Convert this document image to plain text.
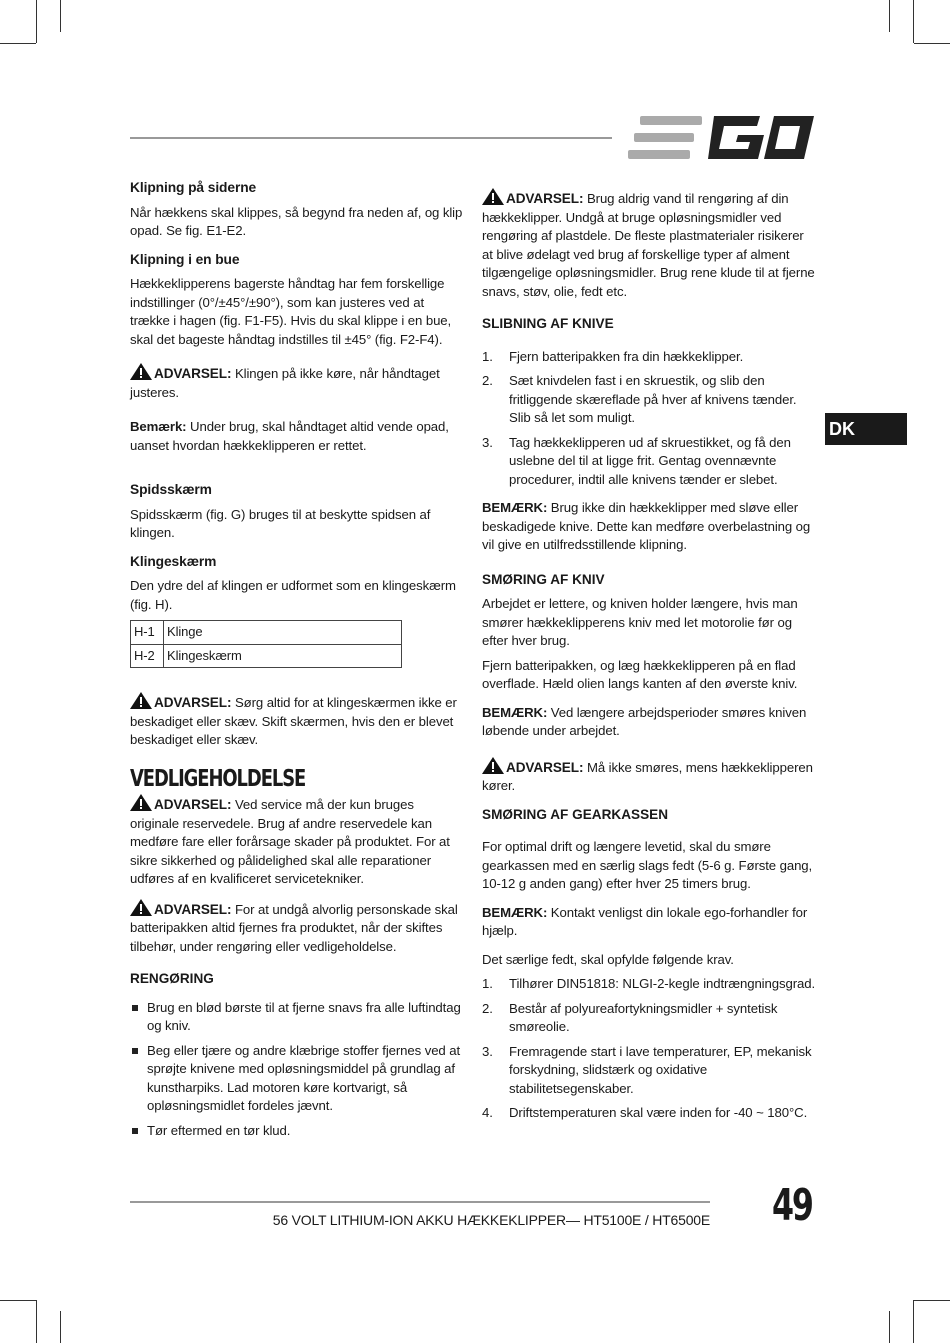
DK
Klipning på siderne

Når hækkens skal klippes, så begynd fra neden af, og klip opad. Se fig. E1-E2.

Klipning i en bue

Hækkeklipperens bagerste håndtag har fem forskellige indstillinger (0°/±45°/±90°), som kan justeres ved at trække i hagen (fig. F1-F5). Hvis du skal klippe i en bue, skal det bageste håndtag indstilles til ±45° (fig. F2-F4).

ADVARSEL: Klingen på ikke køre, når håndtaget justeres.

Bemærk: Under brug, skal håndtaget altid vende opad, uanset hvordan hækkeklipperen er rettet.

Spidsskærm

Spidsskærm (fig. G) bruges til at beskytte spidsen af klingen.

Klingeskærm

Den ydre del af klingen er udformet som en klingeskærm (fig. H).

H-1	Klinge
H-2	Klingeskærm

ADVARSEL: Sørg altid for at klingeskærmen ikke er beskadiget eller skæv. Skift skærmen, hvis den er blevet beskadiget eller skæv.

VEDLIGEHOLDELSE

ADVARSEL: Ved service må der kun bruges originale reservedele. Brug af andre reservedele kan medføre fare eller forårsage skader på produktet. For at sikre sikkerhed og pålidelighed skal alle reparationer udføres af en kvalificeret servicetekniker.

ADVARSEL: For at undgå alvorlig personskade skal batteripakken altid fjernes fra produktet, når der skiftes tilbehør, under rengøring eller vedligeholdelse.

RENGØRING
Brug en blød børste til at fjerne snavs fra alle luftindtag og kniv.
Beg eller tjære og andre klæbrige stoffer fjernes ved at sprøjte knivene med opløsningsmiddel på grundlag af kunstharpiks. Lad motoren køre kortvarigt, så opløsningsmidlet fordeles jævnt.
Tør eftermed en tør klud.

ADVARSEL: Brug aldrig vand til rengøring af din hækkeklipper. Undgå at bruge opløsningsmidler ved rengøring af plastdele. De fleste plastmaterialer risikerer at blive ødelagt ved brug af forskellige typer af alment tilgængelige opløsningsmidler. Brug rene klude til at fjerne snavs, støv, olie, fedt etc.

SLIBNING AF KNIVE
1. Fjern batteripakken fra din hækkeklipper.
2. Sæt knivdelen fast i en skruestik, og slib den fritliggende skæreflade på hver af knivens tænder. Slib så let som muligt.
3. Tag hækkeklipperen ud af skruestikket, og få den uslebne del til at ligge frit. Gentag ovennævnte procedurer, indtil alle knivens tænder er slebet.

BEMÆRK: Brug ikke din hækkeklipper med sløve eller beskadigede knive. Dette kan medføre overbelastning og vil give en utilfredsstillende klipning.

SMØRING AF KNIV

Arbejdet er lettere, og kniven holder længere, hvis man smører hækkeklipperens kniv med let motorolie før og efter hver brug.

Fjern batteripakken, og læg hækkeklipperen på en flad overflade. Hæld olien langs kanten af den øverste kniv.

BEMÆRK: Ved længere arbejdsperioder smøres kniven løbende under arbejdet.

ADVARSEL: Må ikke smøres, mens hækkeklipperen kører.

SMØRING AF GEARKASSEN

For optimal drift og længere levetid, skal du smøre gearkassen med en særlig slags fedt (5-6 g. Første gang, 10-12 g anden gang) efter hver 25 timers brug.

BEMÆRK: Kontakt venligst din lokale ego-forhandler for hjælp.

Det særlige fedt, skal opfylde følgende krav.

1. Tilhører DIN51818: NLGI-2-kegle indtrængningsgrad.
2. Består af polyureafortykningsmidler + syntetisk smøreolie.
3. Fremragende start i lave temperaturer, EP, mekanisk forskydning, slidstærk og oxidative stabilitetsegenskaber.
4. Driftstemperaturen skal være inden for -40 ~ 180°C.
56 VOLT LITHIUM-ION AKKU HÆKKEKLIPPER— HT5100E / HT6500E 49
